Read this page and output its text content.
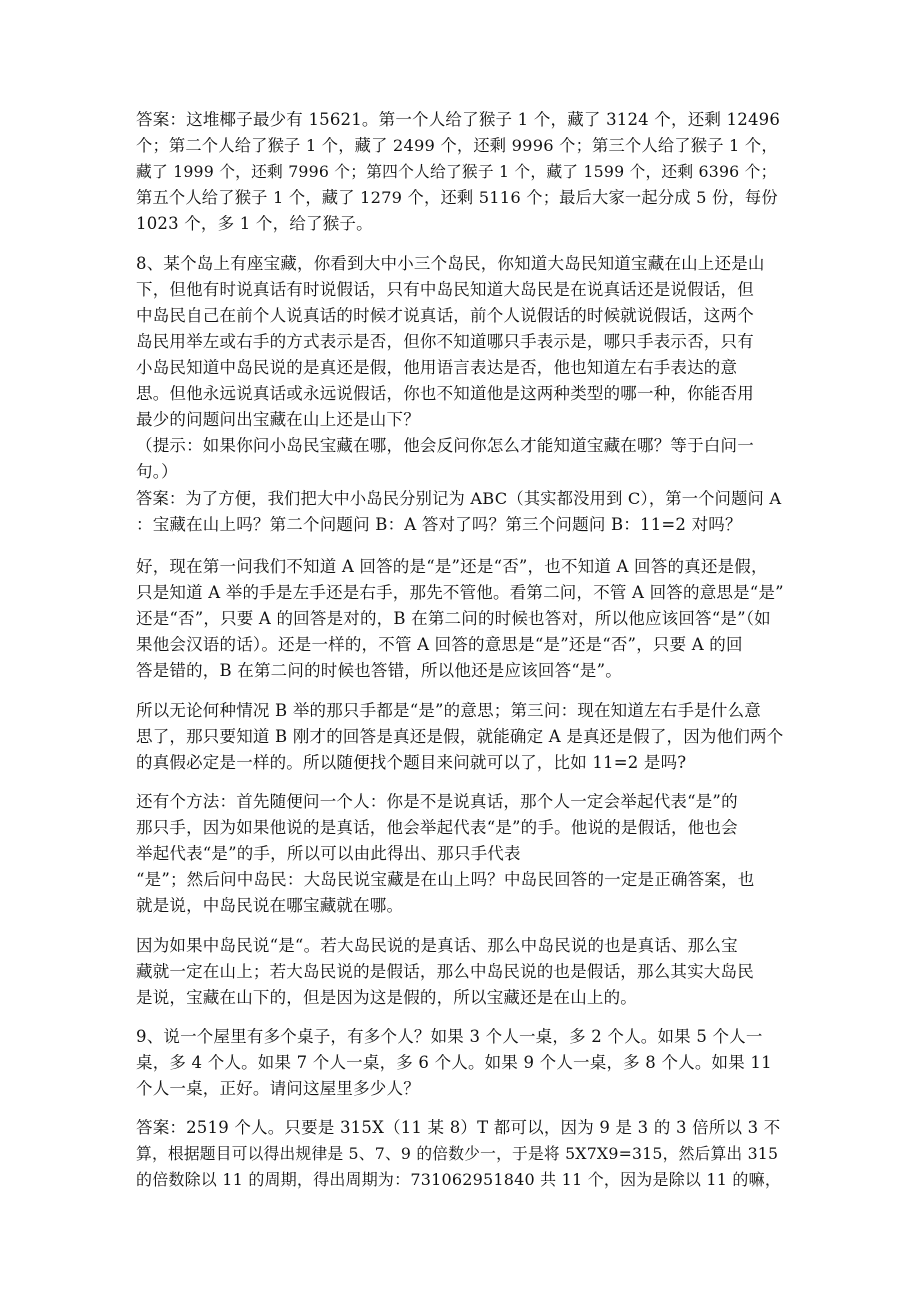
答案：这堆椰子最少有 15621。第一个人给了猴子 1 个，藏了 3124 个，还剩 12496
个；第二个人给了猴子 1 个，藏了 2499 个，还剩 9996 个；第三个人给了猴子 1 个，
藏了 1999 个，还剩 7996 个；第四个人给了猴子 1 个，藏了 1599 个，还剩 6396 个；
第五个人给了猴子 1 个，藏了 1279 个，还剩 5116 个；最后大家一起分成 5 份，每份
1023 个，多 1 个，给了猴子。
8、某个岛上有座宝藏，你看到大中小三个岛民，你知道大岛民知道宝藏在山上还是山
下，但他有时说真话有时说假话，只有中岛民知道大岛民是在说真话还是说假话，但
中岛民自己在前个人说真话的时候才说真话，前个人说假话的时候就说假话，这两个
岛民用举左或右手的方式表示是否，但你不知道哪只手表示是，哪只手表示否，只有
小岛民知道中岛民说的是真还是假，他用语言表达是否，他也知道左右手表达的意
思。但他永远说真话或永远说假话，你也不知道他是这两种类型的哪一种，你能否用
最少的问题问出宝藏在山上还是山下？
（提示：如果你问小岛民宝藏在哪，他会反问你怎么才能知道宝藏在哪？等于白问一
句。）
答案：为了方便，我们把大中小岛民分别记为 ABC（其实都没用到 C），第一个问题问 A
：宝藏在山上吗？第二个问题问 B：A 答对了吗？第三个问题问 B：11=2 对吗？
好，现在第一问我们不知道 A 回答的是“是”还是“否”，也不知道 A 回答的真还是假，
只是知道 A 举的手是左手还是右手，那先不管他。看第二问，不管 A 回答的意思是“是”
还是“否”，只要 A 的回答是对的，B 在第二问的时候也答对，所以他应该回答“是”（如
果他会汉语的话）。还是一样的，不管 A 回答的意思是“是”还是“否”，只要 A 的回
答是错的，B 在第二问的时候也答错，所以他还是应该回答“是”。
所以无论何种情况 B 举的那只手都是“是”的意思；第三问：现在知道左右手是什么意
思了，那只要知道 B 刚才的回答是真还是假，就能确定 A 是真还是假了，因为他们两个
的真假必定是一样的。所以随便找个题目来问就可以了，比如 11=2 是吗?
还有个方法：首先随便问一个人：你是不是说真话，那个人一定会举起代表“是”的
那只手，因为如果他说的是真话，他会举起代表“是”的手。他说的是假话，他也会
举起代表“是”的手，所以可以由此得出、那只手代表
“是”；然后问中岛民：大岛民说宝藏是在山上吗？中岛民回答的一定是正确答案，也
就是说，中岛民说在哪宝藏就在哪。
因为如果中岛民说“是“。若大岛民说的是真话、那么中岛民说的也是真话、那么宝
藏就一定在山上；若大岛民说的是假话，那么中岛民说的也是假话，那么其实大岛民
是说，宝藏在山下的，但是因为这是假的，所以宝藏还是在山上的。
9、说一个屋里有多个桌子，有多个人？如果 3 个人一桌，多 2 个人。如果 5 个人一
桌，多 4 个人。如果 7 个人一桌，多 6 个人。如果 9 个人一桌，多 8 个人。如果 11
个人一桌，正好。请问这屋里多少人？
答案：2519 个人。只要是 315X（11 某 8）T 都可以，因为 9 是 3 的 3 倍所以 3 不
算，根据题目可以得出规律是 5、7、9 的倍数少一，于是将 5X7X9=315，然后算出 315
的倍数除以 11 的周期，得出周期为：731062951840 共 11 个，因为是除以 11 的嘛，
